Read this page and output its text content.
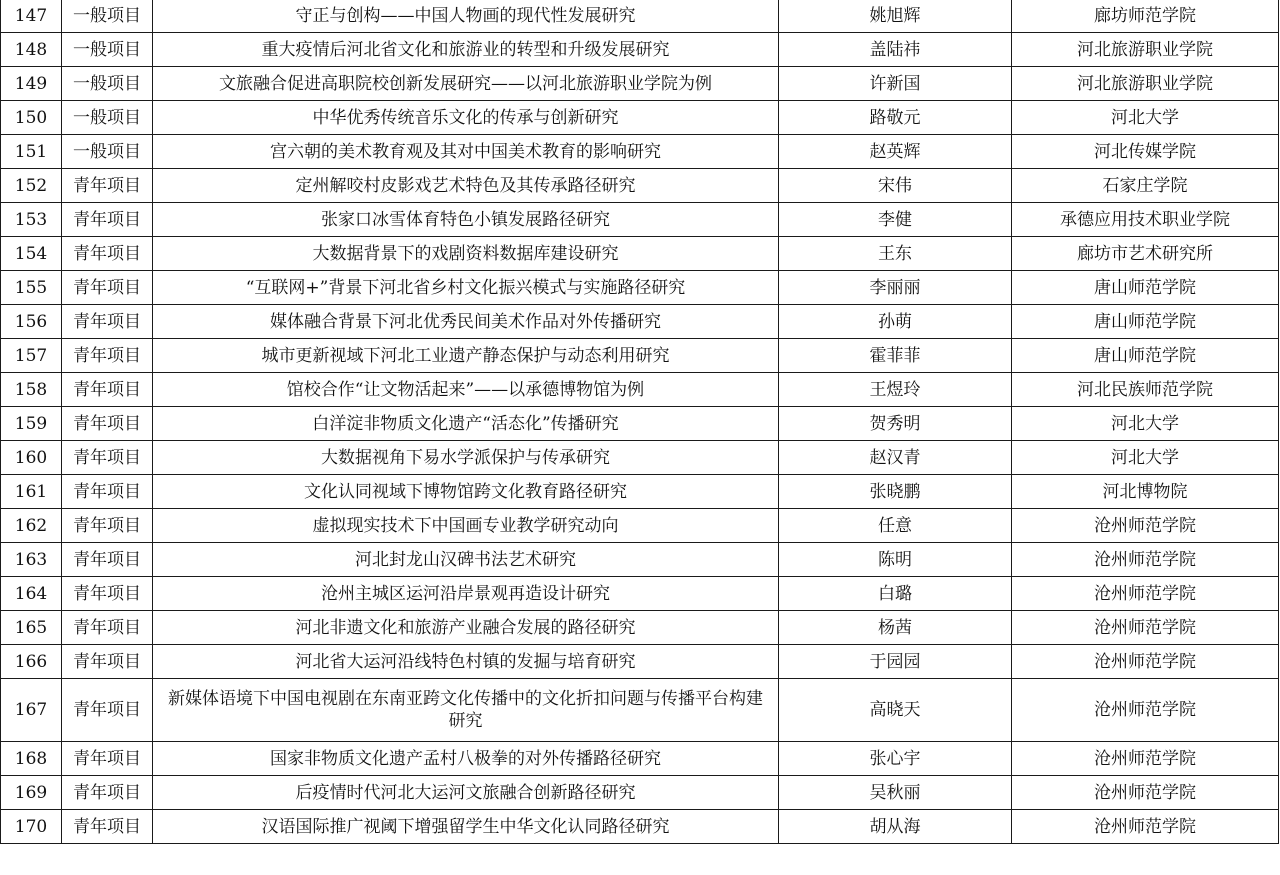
147	一般项目	守正与创构——中国人物画的现代性发展研究	姚旭辉	廊坊师范学院
148	一般项目	重大疫情后河北省文化和旅游业的转型和升级发展研究	盖陆祎	河北旅游职业学院
149	一般项目	文旅融合促进高职院校创新发展研究——以河北旅游职业学院为例	许新国	河北旅游职业学院
150	一般项目	中华优秀传统音乐文化的传承与创新研究	路敬元	河北大学
151	一般项目	宫六朝的美术教育观及其对中国美术教育的影响研究	赵英辉	河北传媒学院
152	青年项目	定州解咬村皮影戏艺术特色及其传承路径研究	宋伟	石家庄学院
153	青年项目	张家口冰雪体育特色小镇发展路径研究	李健	承德应用技术职业学院
154	青年项目	大数据背景下的戏剧资料数据库建设研究	王东	廊坊市艺术研究所
155	青年项目	“互联网+”背景下河北省乡村文化振兴模式与实施路径研究	李丽丽	唐山师范学院
156	青年项目	媒体融合背景下河北优秀民间美术作品对外传播研究	孙萌	唐山师范学院
157	青年项目	城市更新视域下河北工业遗产静态保护与动态利用研究	霍菲菲	唐山师范学院
158	青年项目	馆校合作“让文物活起来”——以承德博物馆为例	王煜玲	河北民族师范学院
159	青年项目	白洋淀非物质文化遗产“活态化”传播研究	贺秀明	河北大学
160	青年项目	大数据视角下易水学派保护与传承研究	赵汉青	河北大学
161	青年项目	文化认同视域下博物馆跨文化教育路径研究	张晓鹏	河北博物院
162	青年项目	虚拟现实技术下中国画专业教学研究动向	任意	沧州师范学院
163	青年项目	河北封龙山汉碑书法艺术研究	陈明	沧州师范学院
164	青年项目	沧州主城区运河沿岸景观再造设计研究	白璐	沧州师范学院
165	青年项目	河北非遗文化和旅游产业融合发展的路径研究	杨茜	沧州师范学院
166	青年项目	河北省大运河沿线特色村镇的发掘与培育研究	于园园	沧州师范学院
167	青年项目	新媒体语境下中国电视剧在东南亚跨文化传播中的文化折扣问题与传播平台构建研究	高晓天	沧州师范学院
168	青年项目	国家非物质文化遗产孟村八极拳的对外传播路径研究	张心宇	沧州师范学院
169	青年项目	后疫情时代河北大运河文旅融合创新路径研究	吴秋丽	沧州师范学院
170	青年项目	汉语国际推广视阈下增强留学生中华文化认同路径研究	胡从海	沧州师范学院
